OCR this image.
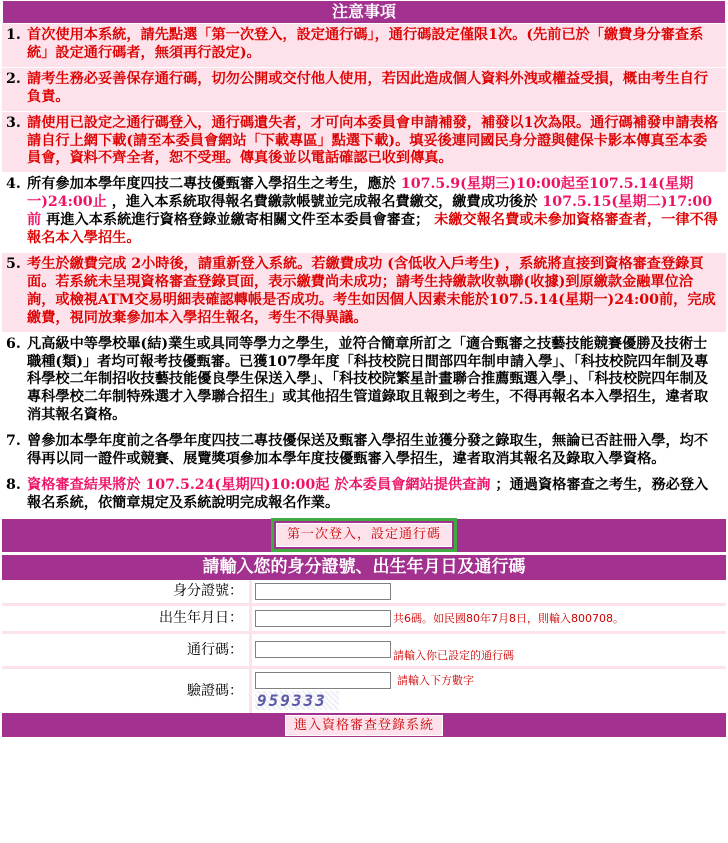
注意事項
1. 首次使用本系統，請先點選「第一次登入，設定通行碼」，通行碼設定僅限1次。(先前已於「繳費身分審查系統」設定通行碼者，無須再行設定)。
2. 請考生務必妥善保存通行碼，切勿公開或交付他人使用，若因此造成個人資料外洩或權益受損，概由考生自行負責。
3. 請使用已設定之通行碼登入，通行碼遺失者，才可向本委員會申請補發，補發以1次為限。通行碼補發申請表格請自行上網下載(請至本委員會網站「下載專區」點選下載)。填妥後連同國民身分證與健保卡影本傳真至本委員會，資料不齊全者，恕不受理。傳真後並以電話確認已收到傳真。
4. 所有參加本學年度四技二專技優甄審入學招生之考生，應於 107.5.9(星期三)10:00起至107.5.14(星期一)24:00止 ，進入本系統取得報名費繳款帳號並完成報名費繳交，繳費成功後於 107.5.15(星期二)17:00前 再進入本系統進行資格登錄並繳寄相關文件至本委員會審查； 未繳交報名費或未參加資格審查者，一律不得報名本入學招生。
5. 考生於繳費完成 2小時後，請重新登入系統。若繳費成功 (含低收入戶考生) ，系統將直接到資格審查登錄頁面。若系統未呈現資格審查登錄頁面，表示繳費尚未成功；請考生持繳款收執聯(收據)到原繳款金融單位洽詢，或檢視ATM交易明細表確認轉帳是否成功。考生如因個人因素未能於107.5.14(星期一)24:00前，完成繳費，視同放棄參加本入學招生報名，考生不得異議。
6. 凡高級中等學校畢(結)業生或具同等學力之學生，並符合簡章所訂之「適合甄審之技藝技能競賽優勝及技術士職種(類)」者均可報考技優甄審。已獲107學年度「科技校院日間部四年制申請入學」、「科技校院四年制及專科學校二年制招收技藝技能優良學生保送入學」、「科技校院繁星計畫聯合推薦甄選入學」、「科技校院四年制及專科學校二年制特殊選才入學聯合招生」或其他招生管道錄取且報到之考生，不得再報名本入學招生，違者取消其報名資格。
7. 曾參加本學年度前之各學年度四技二專技優保送及甄審入學招生並獲分發之錄取生，無論已否註冊入學，均不得再以同一證件或競賽、展覽獎項參加本學年度技優甄審入學招生，違者取消其報名及錄取入學資格。
8. 資格審查結果將於 107.5.24(星期四)10:00起 於本委員會網站提供查詢 ；通過資格審查之考生，務必登入報名系統，依簡章規定及系統說明完成報名作業。
第一次登入，設定通行碼
請輸入您的身分證號、出生年月日及通行碼
身分證號：
出生年月日：	共6碼。如民國80年7月8日，則輸入800708。
通行碼：	請輸入你已設定的通行碼
驗證碼：
請輸入下方數字
959333
進入資格審查登錄系統
